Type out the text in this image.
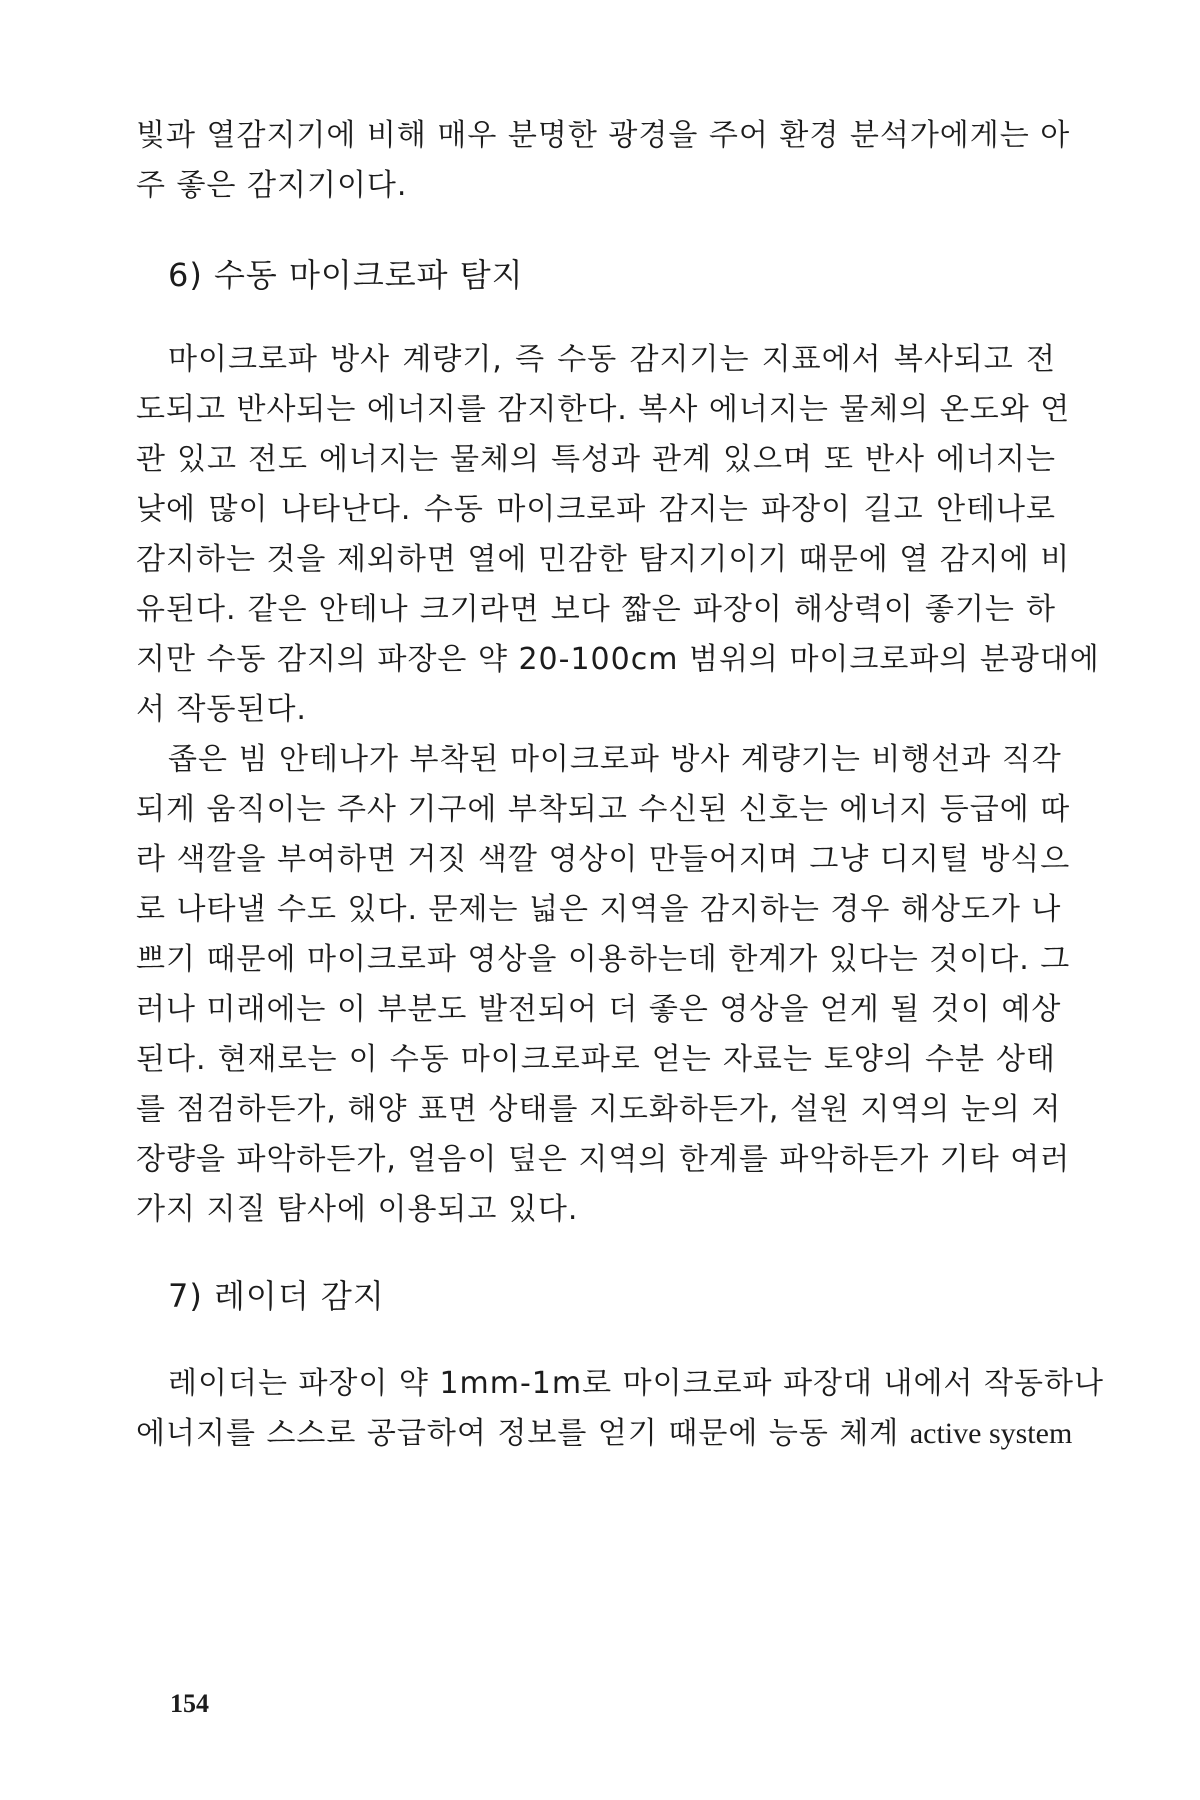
빛과 열감지기에 비해 매우 분명한 광경을 주어 환경 분석가에게는 아
주 좋은 감지기이다.
6) 수동 마이크로파 탐지
마이크로파 방사 계량기, 즉 수동 감지기는 지표에서 복사되고 전
도되고 반사되는 에너지를 감지한다. 복사 에너지는 물체의 온도와 연
관 있고 전도 에너지는 물체의 특성과 관계 있으며 또 반사 에너지는
낮에 많이 나타난다. 수동 마이크로파 감지는 파장이 길고 안테나로
감지하는 것을 제외하면 열에 민감한 탐지기이기 때문에 열 감지에 비
유된다. 같은 안테나 크기라면 보다 짧은 파장이 해상력이 좋기는 하
지만 수동 감지의 파장은 약 20-100cm 범위의 마이크로파의 분광대에
서 작동된다.
좁은 빔 안테나가 부착된 마이크로파 방사 계량기는 비행선과 직각
되게 움직이는 주사 기구에 부착되고 수신된 신호는 에너지 등급에 따
라 색깔을 부여하면 거짓 색깔 영상이 만들어지며 그냥 디지털 방식으
로 나타낼 수도 있다. 문제는 넓은 지역을 감지하는 경우 해상도가 나
쁘기 때문에 마이크로파 영상을 이용하는데 한계가 있다는 것이다. 그
러나 미래에는 이 부분도 발전되어 더 좋은 영상을 얻게 될 것이 예상
된다. 현재로는 이 수동 마이크로파로 얻는 자료는 토양의 수분 상태
를 점검하든가, 해양 표면 상태를 지도화하든가, 설원 지역의 눈의 저
장량을 파악하든가, 얼음이 덮은 지역의 한계를 파악하든가 기타 여러
가지 지질 탐사에 이용되고 있다.
7) 레이더 감지
레이더는 파장이 약 1mm-1m로 마이크로파 파장대 내에서 작동하나
에너지를 스스로 공급하여 정보를 얻기 때문에 능동 체계 active system
154
